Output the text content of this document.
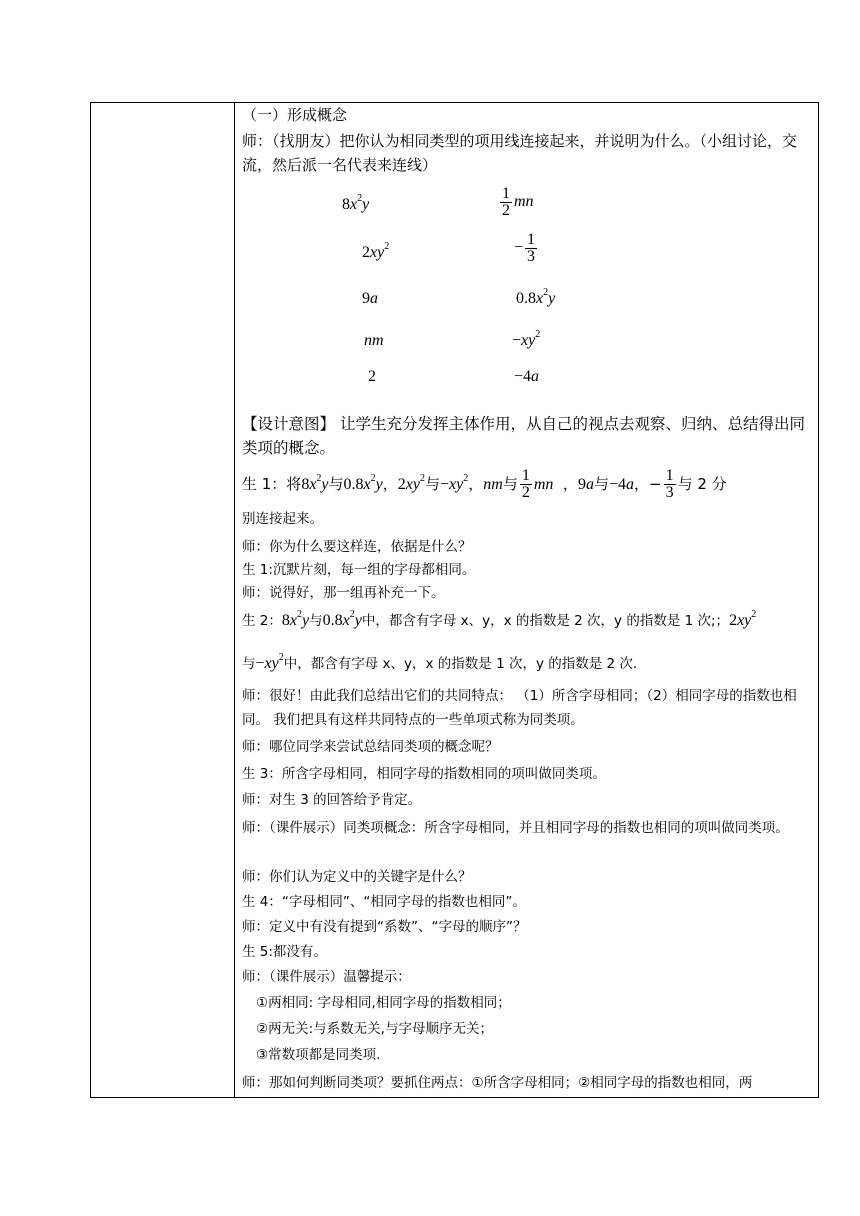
（一）形成概念
师：（找朋友）把你认为相同类型的项用线连接起来，并说明为什么。（小组讨论，交流，然后派一名代表来连线）
$8x^2y$	$\frac{1}{2}$ mn
$2xy^2$	− $\frac{1}{3}$
9a	$0.8x^2y$
nm	$-xy^2$
2	−4a
【设计意图】 让学生充分发挥主体作用，从自己的视点去观察、归纳、总结得出同类项的概念。
生 1：将$8x^2y$与$0.8x^2y$，$2xy^2$与$-xy^2$，nm与 $\frac{1}{2}$ mn  ，9a与−4a，− $\frac{1}{3}$ 与 2 分
别连接起来。
师：你为什么要这样连，依据是什么？
生 1:沉默片刻，每一组的字母都相同。
师：说得好，那一组再补充一下。
生 2：$8x^2y$与$0.8x^2y$中，都含有字母 x、y，x 的指数是 2 次，y 的指数是 1 次;；$2xy^2$
与$-xy^2$中，都含有字母 x、y，x 的指数是 1 次，y 的指数是 2 次.
师：很好！由此我们总结出它们的共同特点： （1）所含字母相同；（2）相同字母的指数也相同。 我们把具有这样共同特点的一些单项式称为同类项。
师：哪位同学来尝试总结同类项的概念呢？
生 3：所含字母相同，相同字母的指数相同的项叫做同类项。
师：对生 3 的回答给予肯定。
师：（课件展示）同类项概念：所含字母相同，并且相同字母的指数也相同的项叫做同类项。
师：你们认为定义中的关键字是什么？
生 4：“字母相同”、“相同字母的指数也相同”。
师：定义中有没有提到“系数”、“字母的顺序”？
生 5:都没有。
师：（课件展示）温馨提示：
①两相同: 字母相同,相同字母的指数相同；
②两无关:与系数无关,与字母顺序无关；
③常数项都是同类项.
师：那如何判断同类项？要抓住两点：①所含字母相同；②相同字母的指数也相同，两
